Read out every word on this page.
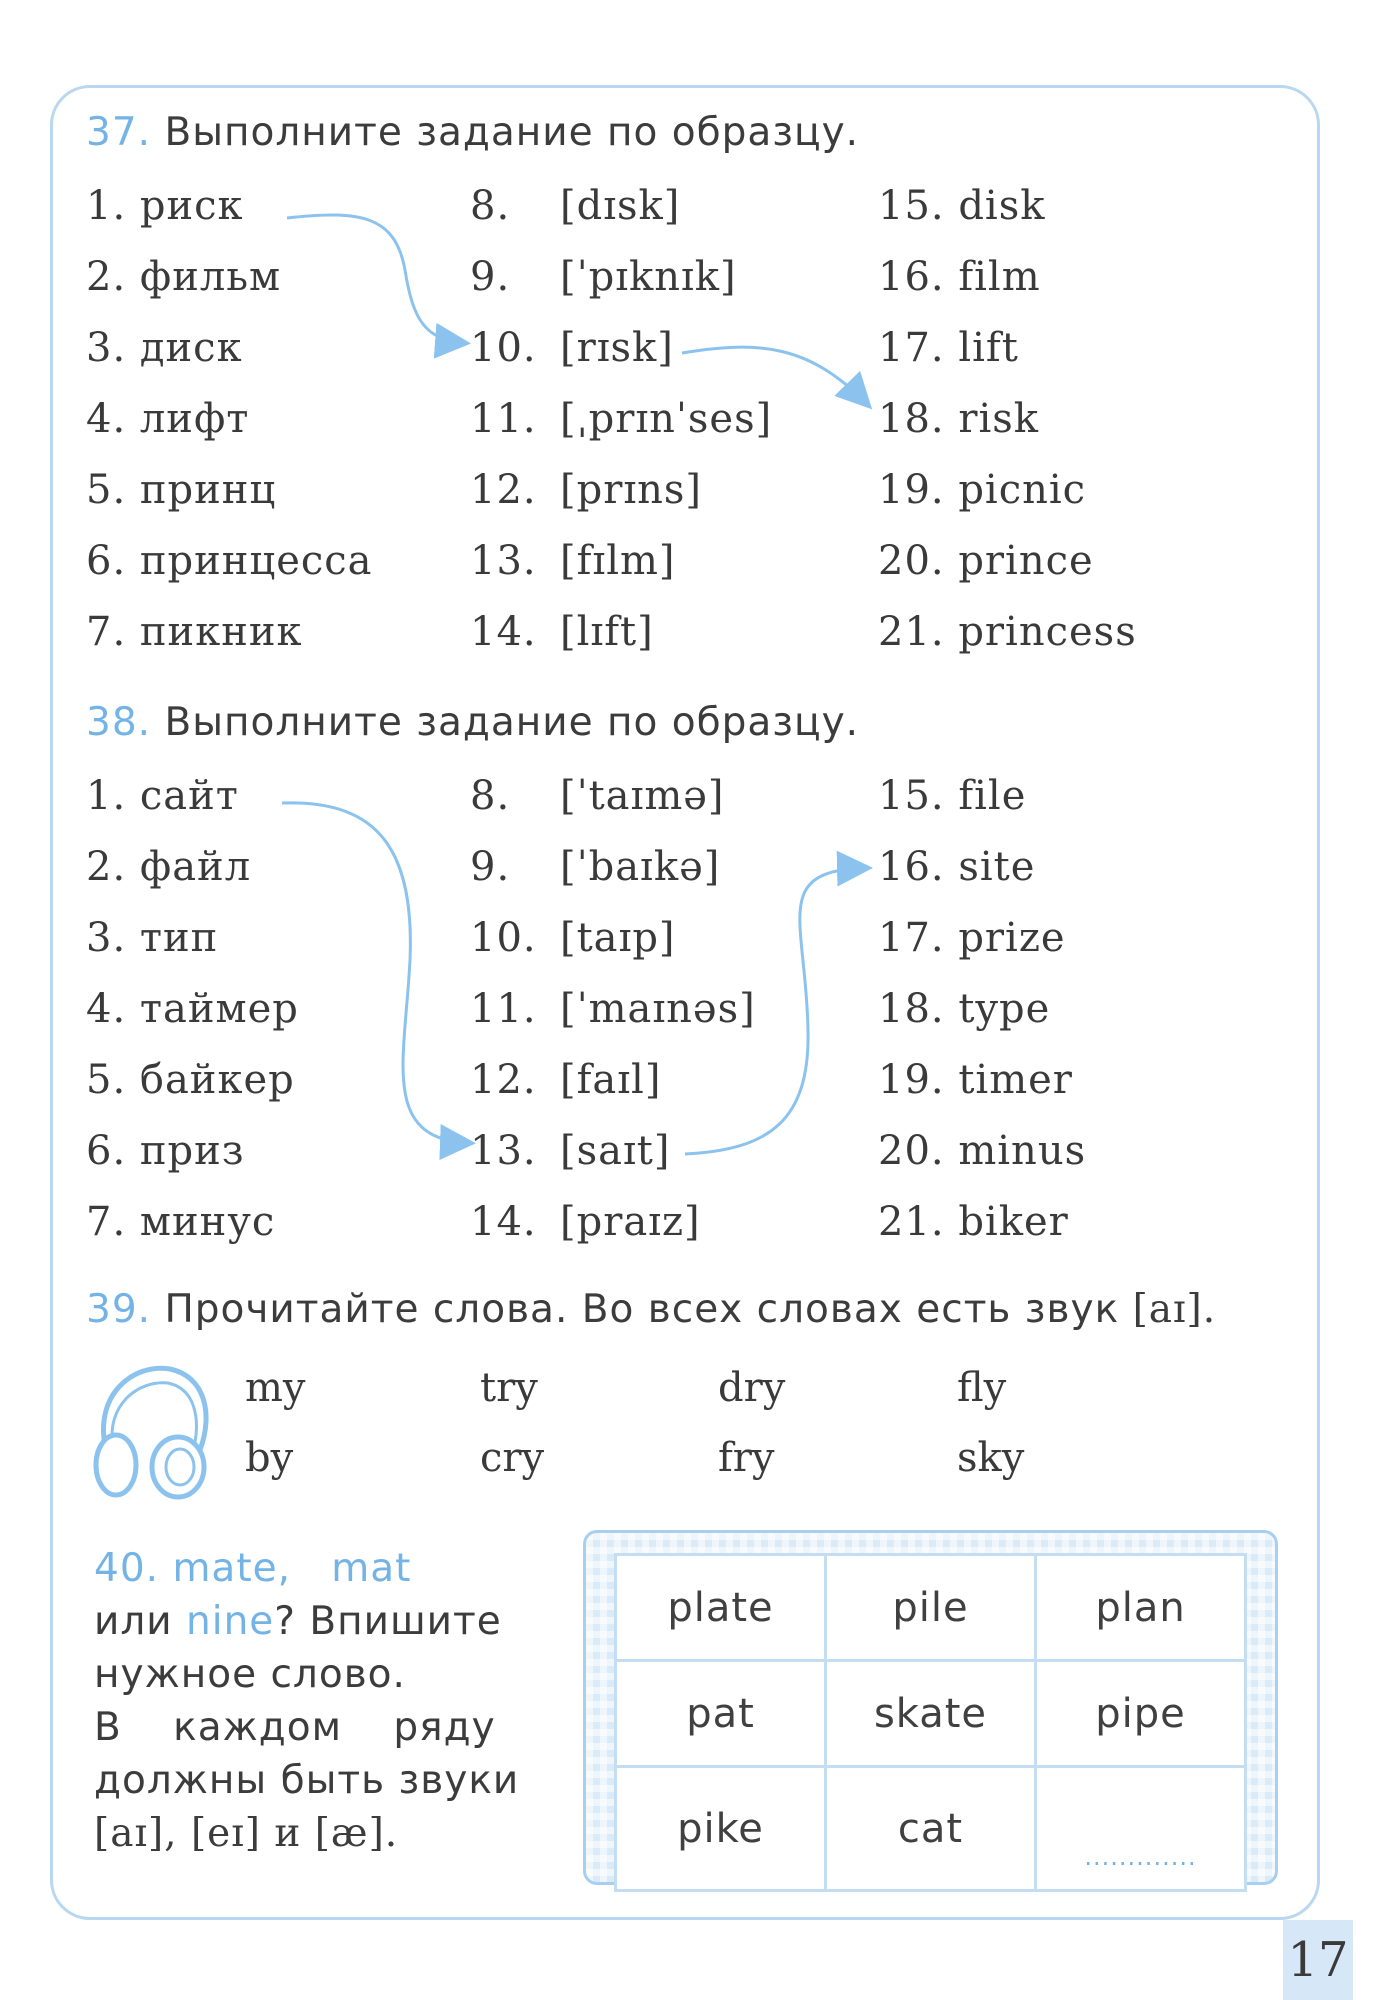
37. Выполните задание по образцу.
1. риск	8. [dɪsk]	15. disk
2. фильм	9. [ˈpɪknɪk]	16. film
3. диск	10. [rɪsk]	17. lift
4. лифт	11. [ˌprɪnˈses]	18. risk
5. принц	12. [prɪns]	19. picnic
6. принцесса 13. [fɪlm]	20. prince
7. пикник	14. [lɪft]	21. princess
38. Выполните задание по образцу.
1. сайт	8. [ˈtaɪmə]	15. file
2. файл	9. [ˈbaɪkə]	16. site
3. тип	10. [taɪp]	17. prize
4. таймер	11. [ˈmaɪnəs]	18. type
5. байкер	12. [faɪl]	19. timer
6. приз	13. [saɪt]	20. minus
7. минус	14. [praɪz]	21. biker
39. Прочитайте слова. Во всех словах есть звук [aɪ].
my	try	dry	fly
by	cry	fry	sky
40. mate, mat
или nine? Впишите
нужное слово.
В каждом ряду
должны быть звуки
[aɪ], [eɪ] и [æ].
plate	pile	plan
pat	skate	pipe
pike	cat	.............
17
